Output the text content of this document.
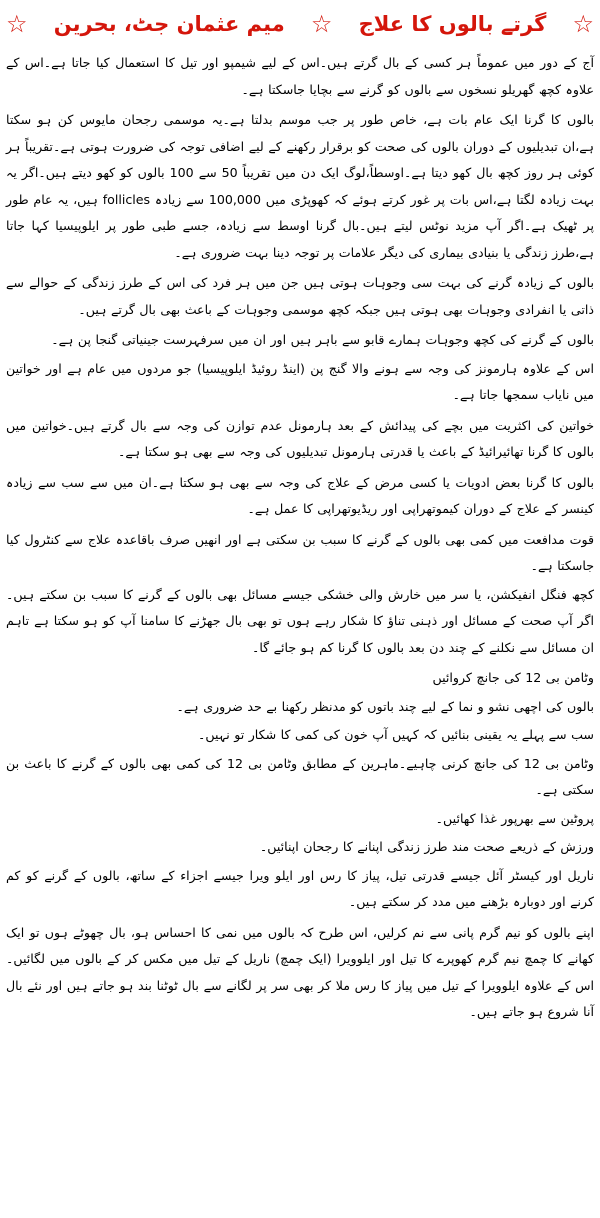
☆
گرتے بالوں کا علاج
☆
میم عثمان جٹ، بحرین
☆

آج کے دور میں عموماً ہر کسی کے بال گرتے ہیں۔اس کے لیے شیمپو اور تیل کا استعمال کیا جاتا ہے۔اس کے علاوہ کچھ گھریلو نسخوں سے بالوں کو گرنے سے بچایا جاسکتا ہے۔

بالوں کا گرنا ایک عام بات ہے، خاص طور پر جب موسم بدلتا ہے۔یہ موسمی رجحان مایوس کن ہو سکتا ہے،ان تبدیلیوں کے دوران بالوں کی صحت کو برقرار رکھنے کے لیے اضافی توجہ کی ضرورت ہوتی ہے۔تقریباً ہر کوئی ہر روز کچھ بال کھو دیتا ہے۔اوسطاً،لوگ ایک دن میں تقریباً 50 سے 100 بالوں کو کھو دیتے ہیں۔اگر یہ بہت زیادہ لگتا ہے،اس بات پر غور کرتے ہوئے کہ کھوپڑی میں 100,000 سے زیادہ follicles ہیں، یہ عام طور پر ٹھیک ہے۔اگر آپ مزید نوٹس لیتے ہیں۔بال گرنا اوسط سے زیادہ، جسے طبی طور پر ایلوپیسیا کہا جاتا ہے،طرز زندگی یا بنیادی بیماری کی دیگر علامات پر توجہ دینا بہت ضروری ہے۔

بالوں کے زیادہ گرنے کی بہت سی وجوہات ہوتی ہیں جن میں ہر فرد کی اس کے طرز زندگی کے حوالے سے ذاتی یا انفرادی وجوہات بھی ہوتی ہیں جبکہ کچھ موسمی وجوہات کے باعث بھی بال گرتے ہیں۔

بالوں کے گرنے کی کچھ وجوہات ہمارے قابو سے باہر ہیں اور ان میں سرفہرست جینیاتی گنجا پن ہے۔

اس کے علاوہ ہارمونز کی وجہ سے ہونے والا گنج پن (اینڈ روئیڈ ایلوپیسیا) جو مردوں میں عام ہے اور خواتین میں نایاب سمجھا جاتا ہے۔

خواتین کی اکثریت میں بچے کی پیدائش کے بعد ہارمونل عدم توازن کی وجہ سے بال گرتے ہیں۔خواتین میں بالوں کا گرنا تھائیرائیڈ کے باعث یا قدرتی ہارمونل تبدیلیوں کی وجہ سے بھی ہو سکتا ہے۔

بالوں کا گرنا بعض ادویات یا کسی مرض کے علاج کی وجہ سے بھی ہو سکتا ہے۔ان میں سے سب سے زیادہ کینسر کے علاج کے دوران کیموتھراپی اور ریڈیوتھراپی کا عمل ہے۔

قوت مدافعت میں کمی بھی بالوں کے گرنے کا سبب بن سکتی ہے اور انھیں صرف باقاعدہ علاج سے کنٹرول کیا جاسکتا ہے۔

کچھ فنگل انفیکشن، یا سر میں خارش والی خشکی جیسے مسائل بھی بالوں کے گرنے کا سبب بن سکتے ہیں۔اگر آپ صحت کے مسائل اور ذہنی تناؤ کا شکار رہے ہوں تو بھی بال جھڑنے کا سامنا آپ کو ہو سکتا ہے تاہم ان مسائل سے نکلنے کے چند دن بعد بالوں کا گرنا کم ہو جائے گا۔

وٹامن بی 12 کی جانچ کروائیں

بالوں کی اچھی نشو و نما کے لیے چند باتوں کو مدنظر رکھنا بے حد ضروری ہے۔

سب سے پہلے یہ یقینی بنائیں کہ کہیں آپ خون کی کمی کا شکار تو نہیں۔

وٹامن بی 12 کی جانچ کرنی چاہیے۔ماہرین کے مطابق وٹامن بی 12 کی کمی بھی بالوں کے گرنے کا باعث بن سکتی ہے۔

پروٹین سے بھرپور غذا کھائیں۔

ورزش کے ذریعے صحت مند طرز زندگی اپنانے کا رجحان اپنائیں۔

ناریل اور کیسٹر آئل جیسے قدرتی تیل، پیاز کا رس اور ایلو ویرا جیسے اجزاء کے ساتھ، بالوں کے گرنے کو کم کرنے اور دوبارہ بڑھنے میں مدد کر سکتے ہیں۔

اپنے بالوں کو نیم گرم پانی سے نم کرلیں، اس طرح کہ بالوں میں نمی کا احساس ہو، بال چھوٹے ہوں تو ایک کھانے کا چمچ نیم گرم کھوپرے کا تیل اور ایلوویرا (ایک چمچ) ناریل کے تیل میں مکس کر کے بالوں میں لگائیں۔اس کے علاوہ ایلوویرا کے تیل میں پیاز کا رس ملا کر بھی سر پر لگانے سے بال ٹوٹنا بند ہو جاتے ہیں اور نئے بال آنا شروع ہو جاتے ہیں۔
